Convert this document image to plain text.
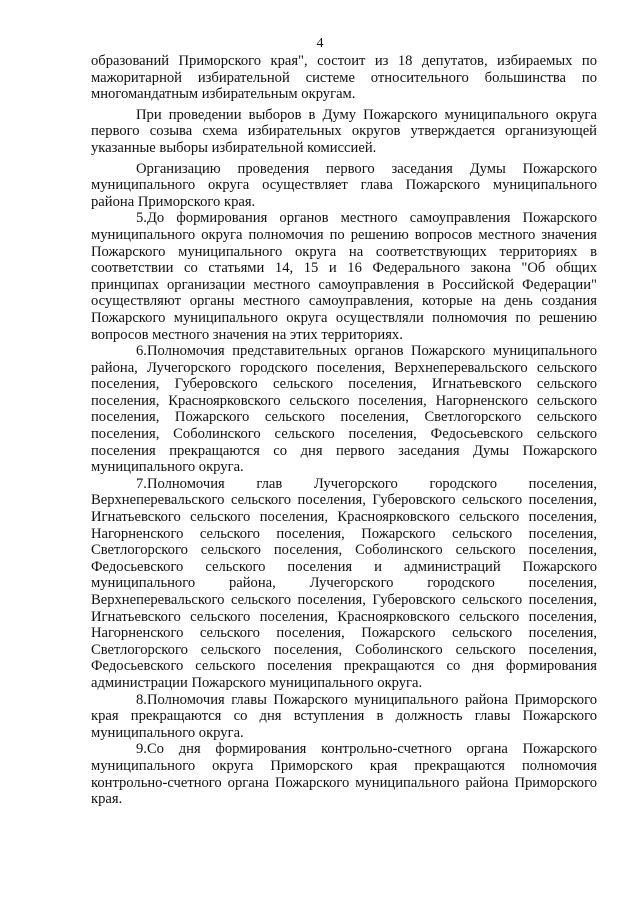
4

образований Приморского края", состоит из 18 депутатов, избираемых по мажоритарной избирательной системе относительного большинства по многомандатным избирательным округам.

При проведении выборов в Думу Пожарского муниципального округа первого созыва схема избирательных округов утверждается организующей указанные выборы избирательной комиссией.

Организацию проведения первого заседания Думы Пожарского муниципального округа осуществляет глава Пожарского муниципального района Приморского края.

5.До формирования органов местного самоуправления Пожарского муниципального округа полномочия по решению вопросов местного значения Пожарского муниципального округа на соответствующих территориях в соответствии со статьями 14, 15 и 16 Федерального закона "Об общих принципах организации местного самоуправления в Российской Федерации" осуществляют органы местного самоуправления, которые на день создания Пожарского муниципального округа осуществляли полномочия по решению вопросов местного значения на этих территориях.

6.Полномочия представительных органов Пожарского муниципального района, Лучегорского городского поселения, Верхнеперевальского сельского поселения, Губеровского сельского поселения, Игнатьевского сельского поселения, Красноярковского сельского поселения, Нагорненского сельского поселения, Пожарского сельского поселения, Светлогорского сельского поселения, Соболинского сельского поселения, Федосьевского сельского поселения прекращаются со дня первого заседания Думы Пожарского муниципального округа.

7.Полномочия глав Лучегорского городского поселения, Верхнеперевальского сельского поселения, Губеровского сельского поселения, Игнатьевского сельского поселения, Красноярковского сельского поселения, Нагорненского сельского поселения, Пожарского сельского поселения, Светлогорского сельского поселения, Соболинского сельского поселения, Федосьевского сельского поселения и администраций Пожарского муниципального района, Лучегорского городского поселения, Верхнеперевальского сельского поселения, Губеровского сельского поселения, Игнатьевского сельского поселения, Красноярковского сельского поселения, Нагорненского сельского поселения, Пожарского сельского поселения, Светлогорского сельского поселения, Соболинского сельского поселения, Федосьевского сельского поселения прекращаются со дня формирования администрации Пожарского муниципального округа.

8.Полномочия главы Пожарского муниципального района Приморского края прекращаются со дня вступления в должность главы Пожарского муниципального округа.

9.Со дня формирования контрольно-счетного органа Пожарского муниципального округа Приморского края прекращаются полномочия контрольно-счетного органа Пожарского муниципального района Приморского края.
